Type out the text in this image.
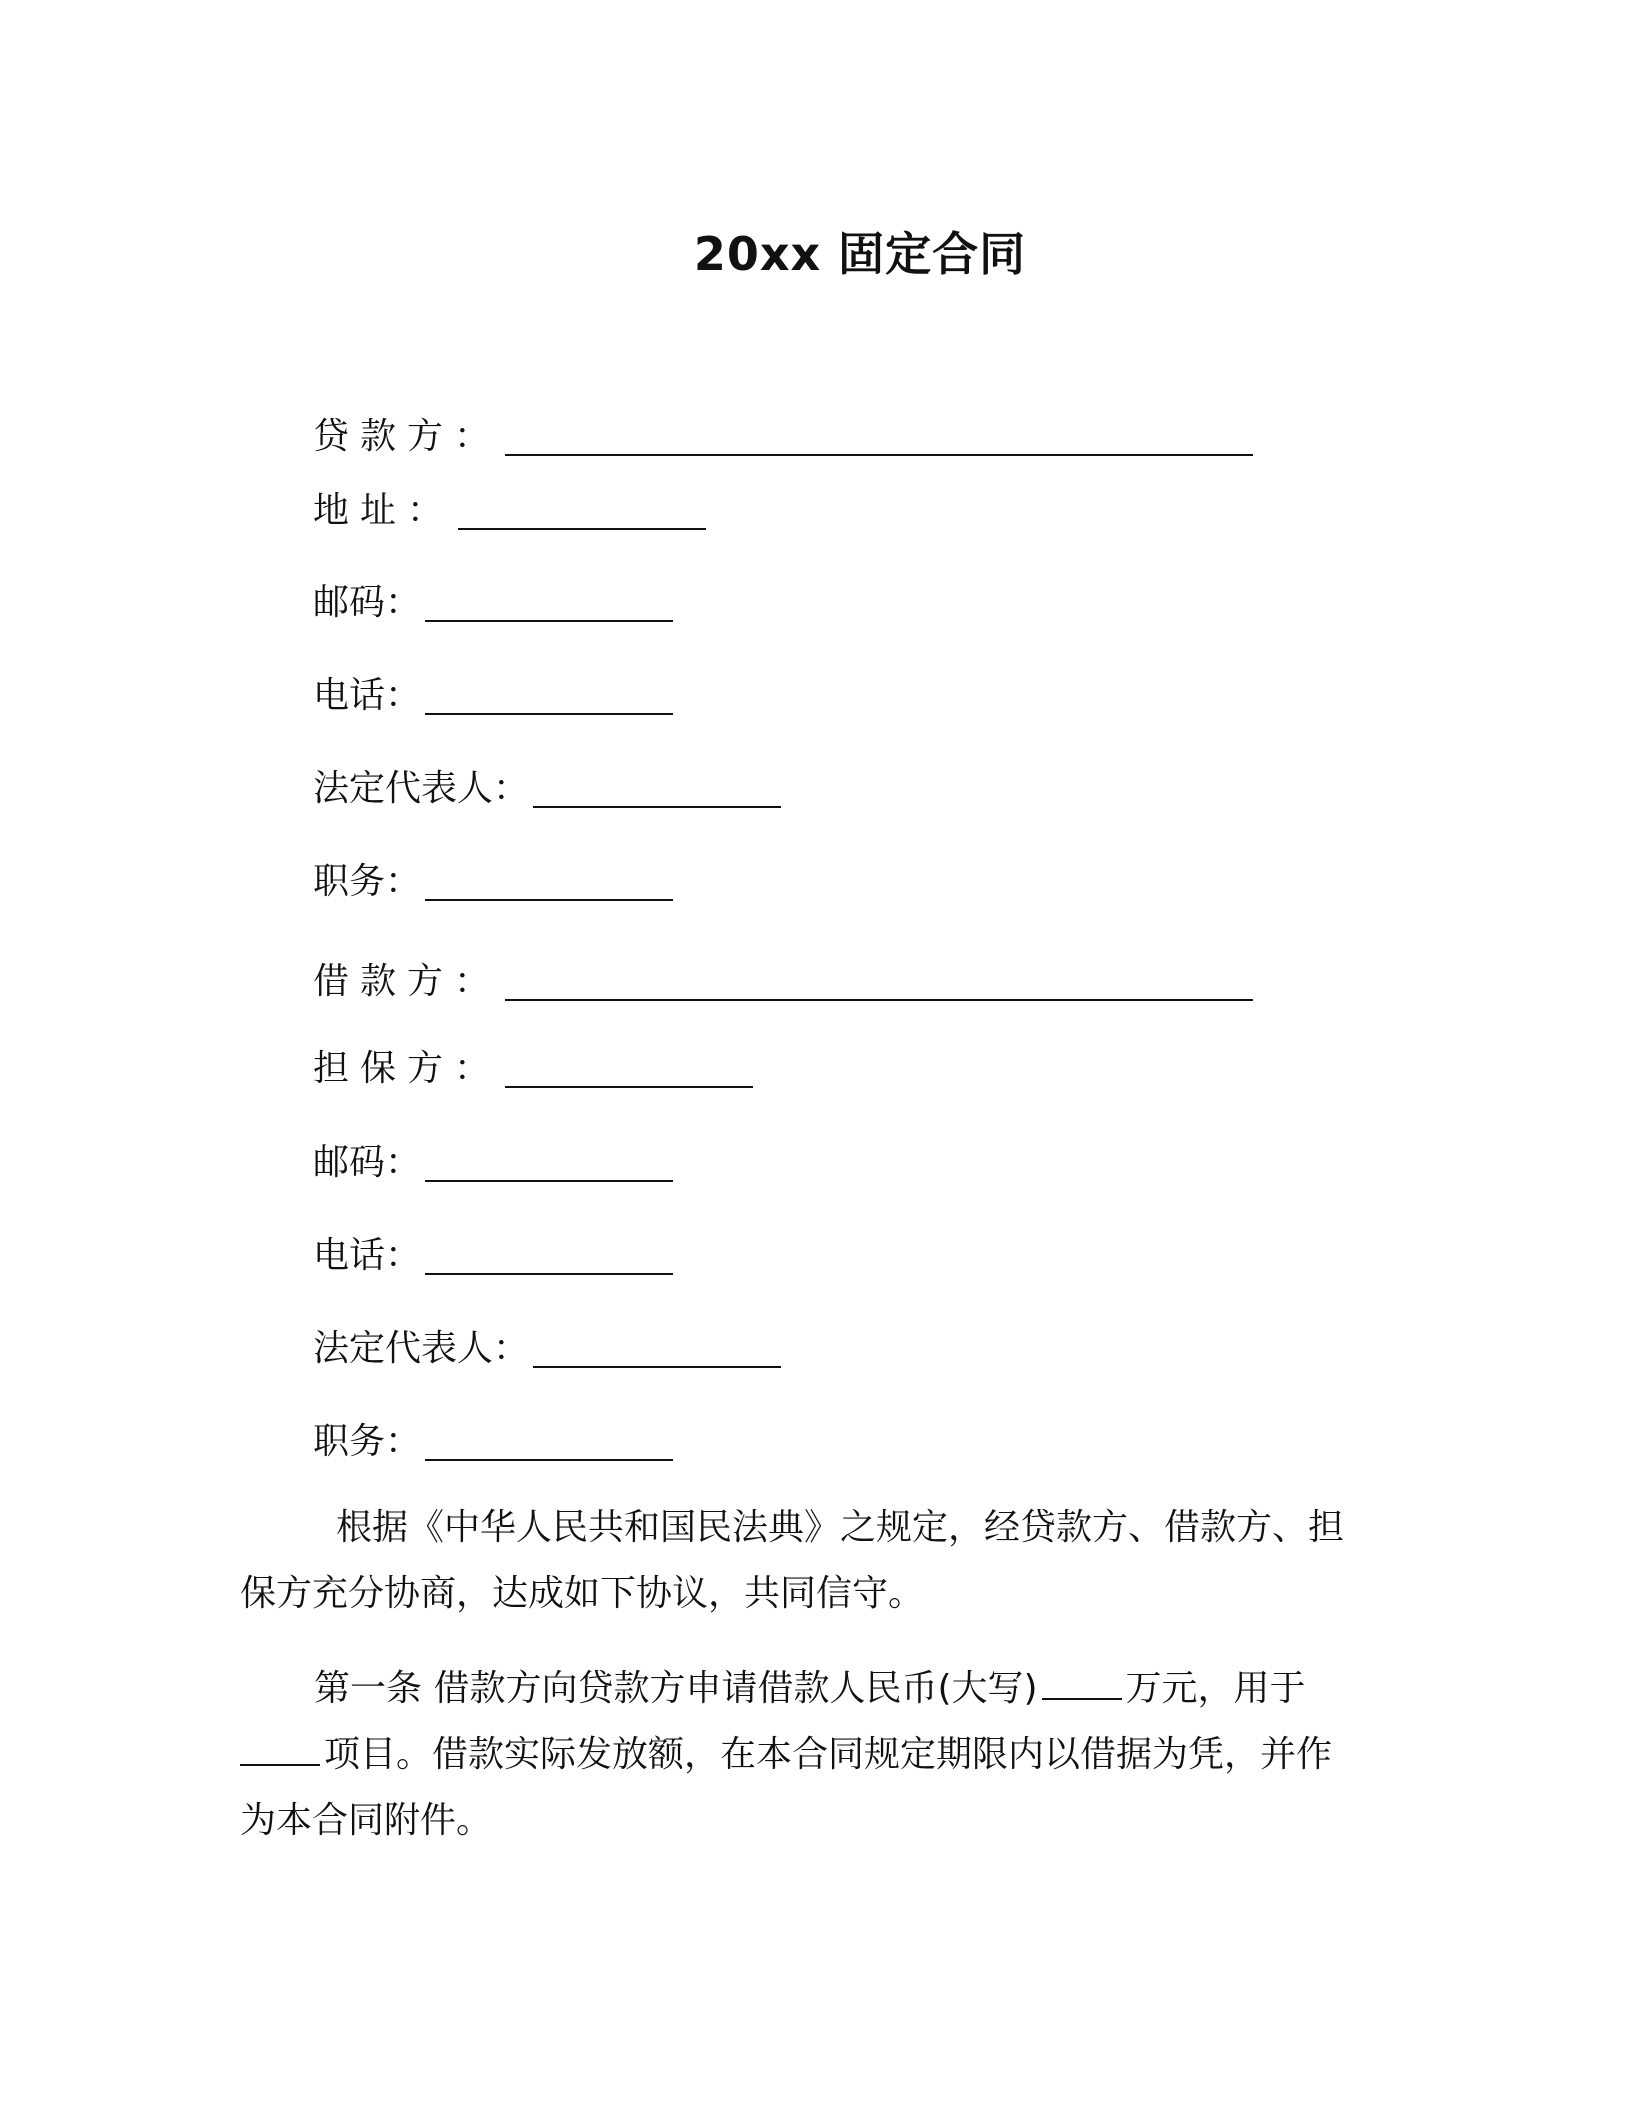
20xx 固定合同
贷款方：
地址：
邮码：
电话：
法定代表人：
职务：
借款方：
担保方：
邮码：
电话：
法定代表人：
职务：
根据《中华人民共和国民法典》之规定，经贷款方、借款方、担
保方充分协商，达成如下协议，共同信守。
第一条 借款方向贷款方申请借款人民币(大写) 万元，用于
项目。借款实际发放额，在本合同规定期限内以借据为凭，并作
为本合同附件。
